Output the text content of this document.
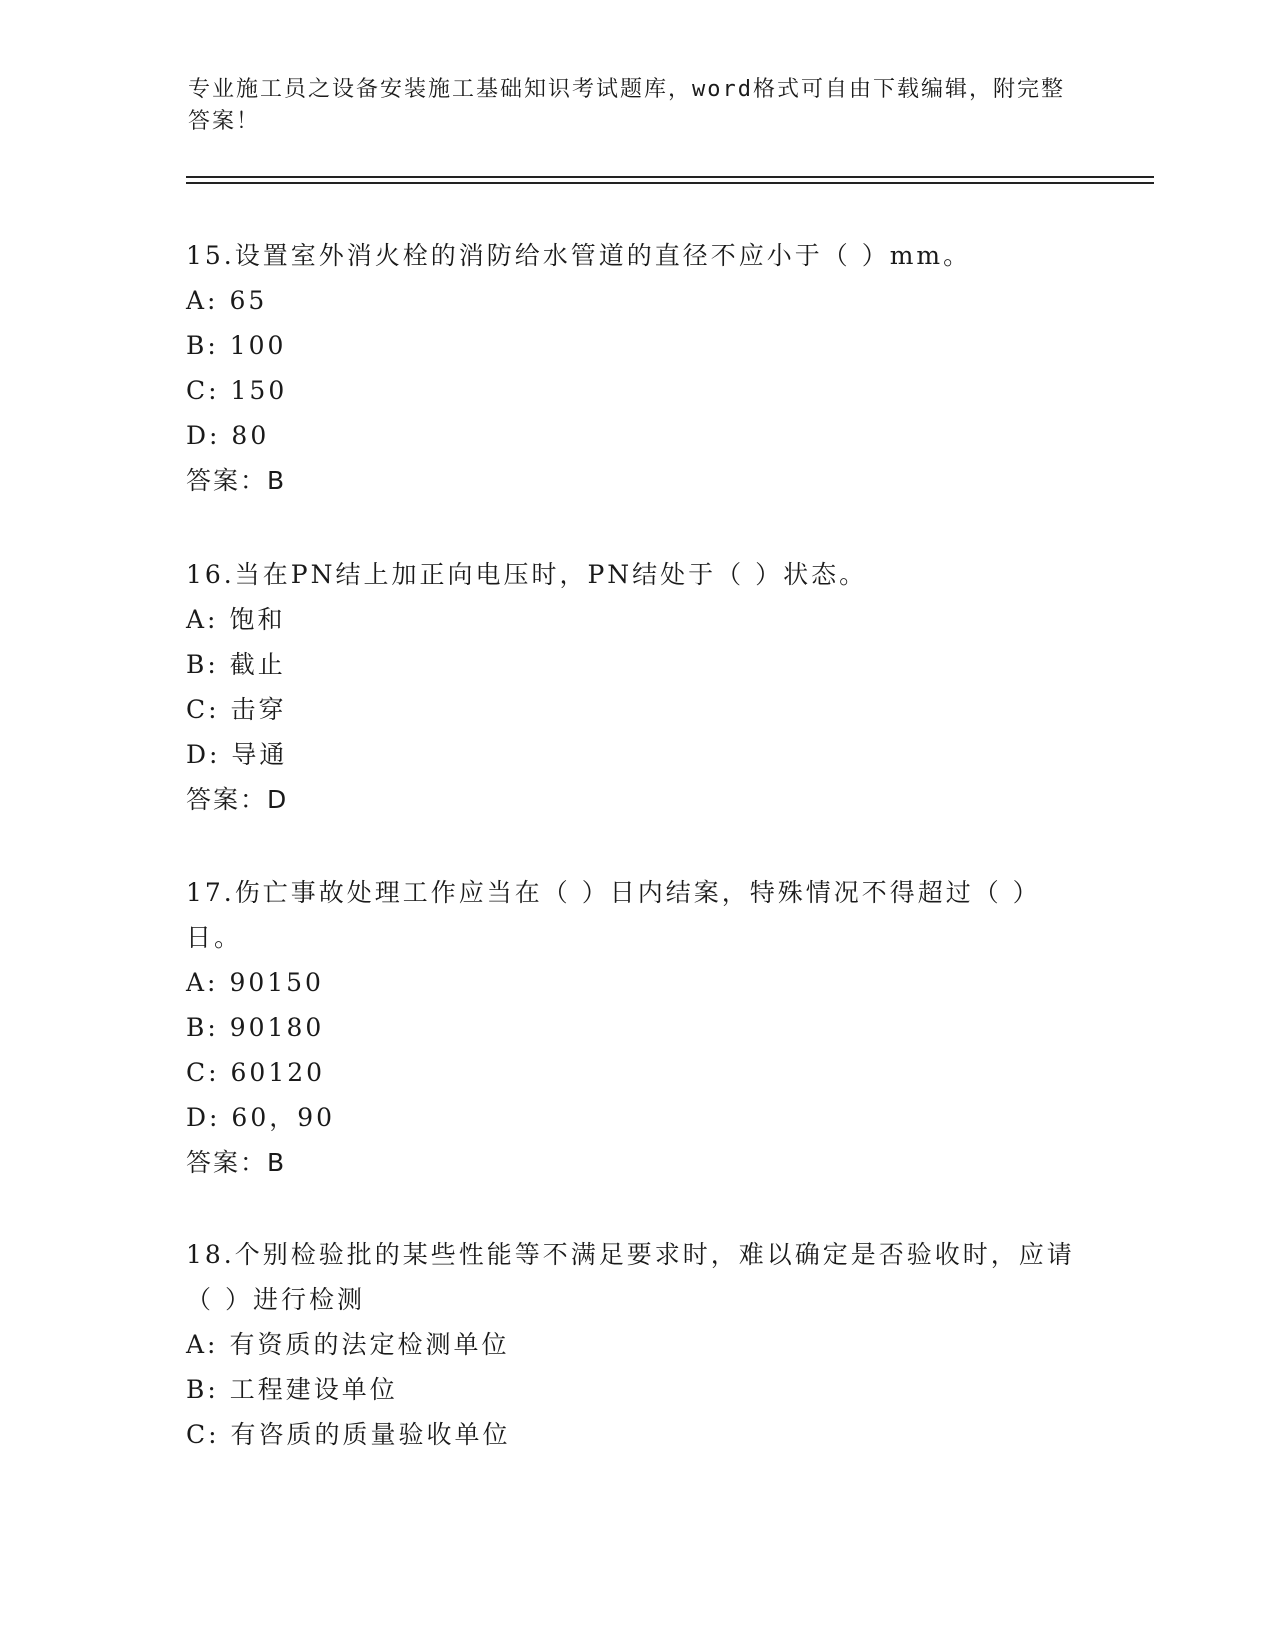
专业施工员之设备安装施工基础知识考试题库，word格式可自由下载编辑，附完整答案！

15.设置室外消火栓的消防给水管道的直径不应小于（ ）mm。

A: 65

B: 100

C: 150

D: 80

答案：B

16.当在PN结上加正向电压时，PN结处于（ ）状态。

A: 饱和

B: 截止

C: 击穿

D: 导通

答案：D

17.伤亡事故处理工作应当在（ ）日内结案，特殊情况不得超过（ ）日。

A: 90150

B: 90180

C: 60120

D: 60，90

答案：B

18.个别检验批的某些性能等不满足要求时，难以确定是否验收时，应请（ ）进行检测

A: 有资质的法定检测单位

B: 工程建设单位

C: 有咨质的质量验收单位
